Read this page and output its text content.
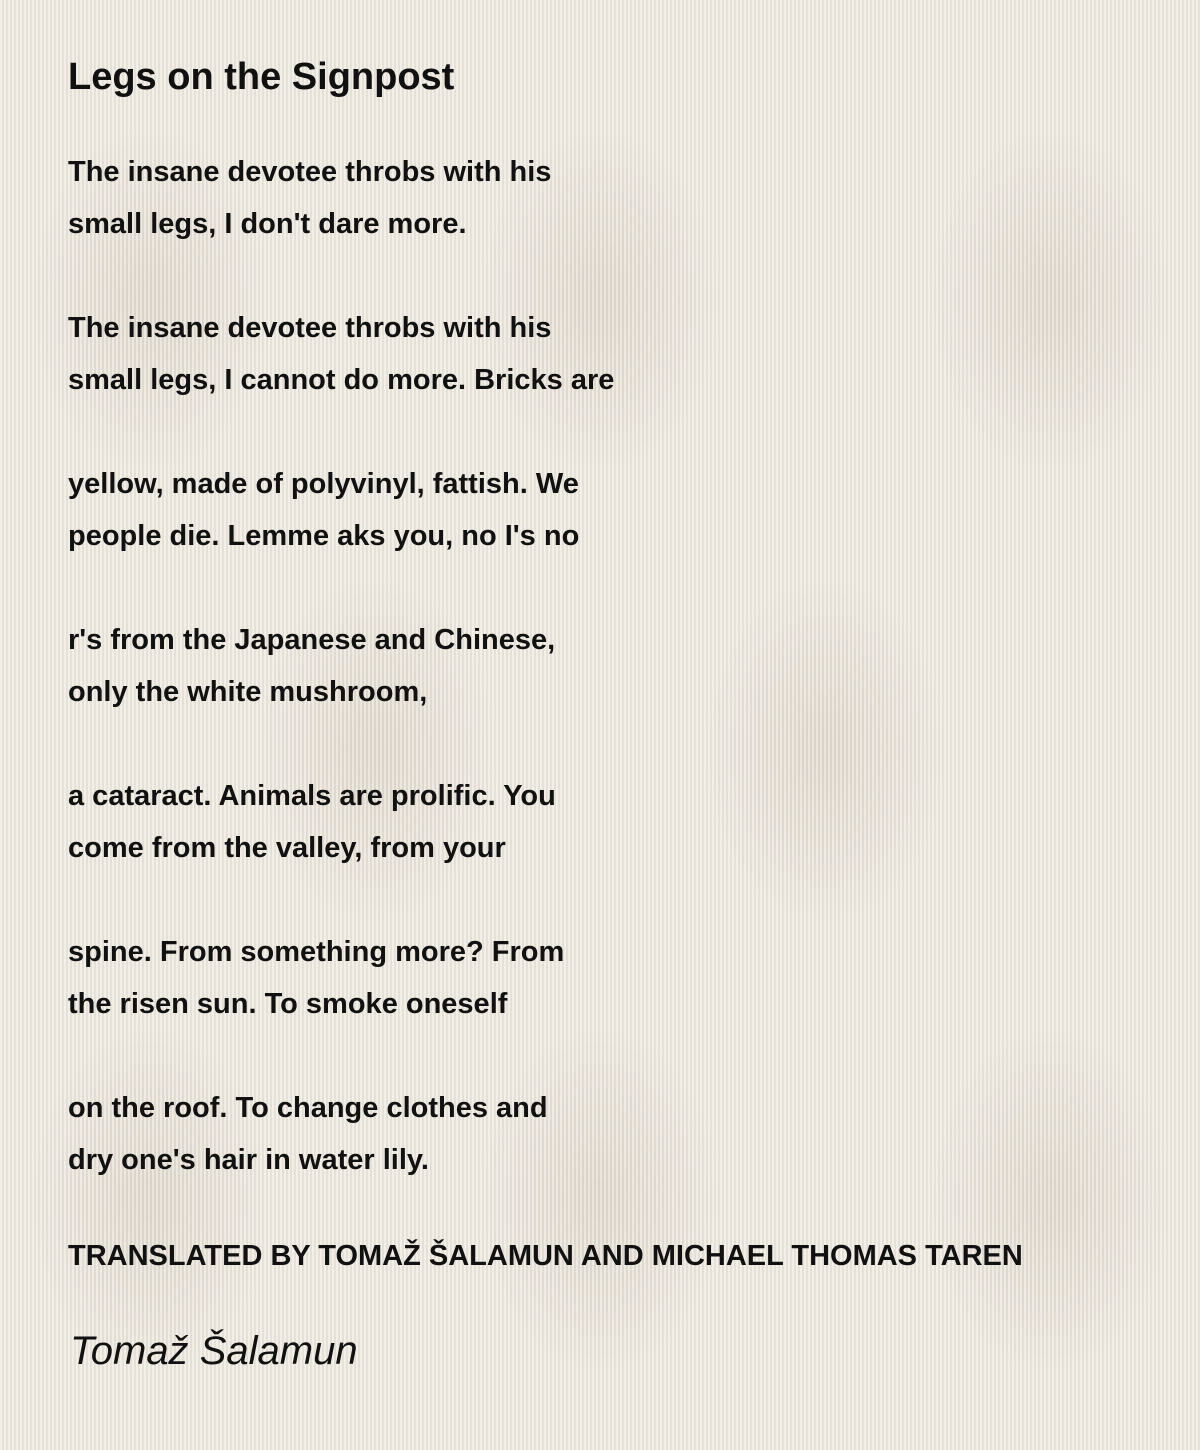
Legs on the Signpost
The insane devotee throbs with his
small legs, I don't dare more.
The insane devotee throbs with his
small legs, I cannot do more. Bricks are
yellow, made of polyvinyl, fattish. We
people die. Lemme aks you, no I's no
r's from the Japanese and Chinese,
only the white mushroom,
a cataract. Animals are prolific. You
come from the valley, from your
spine. From something more? From
the risen sun. To smoke oneself
on the roof. To change clothes and
dry one's hair in water lily.

TRANSLATED BY TOMAŽ ŠALAMUN AND MICHAEL THOMAS TAREN

Tomaž Šalamun
